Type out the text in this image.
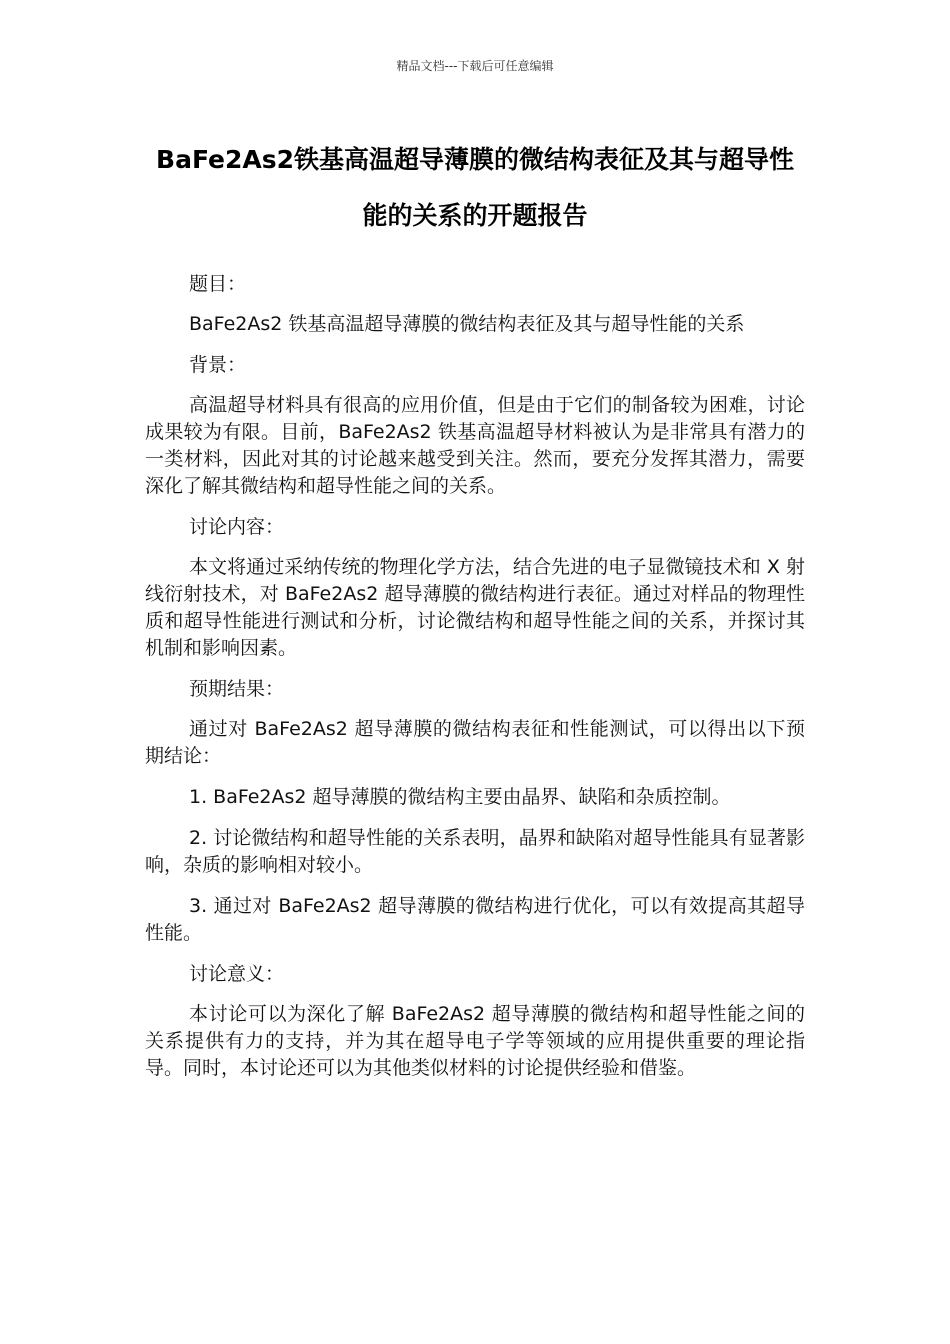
精品文档---下载后可任意编辑
BaFe2As2铁基高温超导薄膜的微结构表征及其与超导性能的关系的开题报告

题目：

BaFe2As2 铁基高温超导薄膜的微结构表征及其与超导性能的关系

背景：

高温超导材料具有很高的应用价值，但是由于它们的制备较为困难，讨论成果较为有限。目前，BaFe2As2 铁基高温超导材料被认为是非常具有潜力的一类材料，因此对其的讨论越来越受到关注。然而，要充分发挥其潜力，需要深化了解其微结构和超导性能之间的关系。

讨论内容：

本文将通过采纳传统的物理化学方法，结合先进的电子显微镜技术和 X 射线衍射技术，对 BaFe2As2 超导薄膜的微结构进行表征。通过对样品的物理性质和超导性能进行测试和分析，讨论微结构和超导性能之间的关系，并探讨其机制和影响因素。

预期结果：

通过对 BaFe2As2 超导薄膜的微结构表征和性能测试，可以得出以下预期结论：

1. BaFe2As2 超导薄膜的微结构主要由晶界、缺陷和杂质控制。

2. 讨论微结构和超导性能的关系表明，晶界和缺陷对超导性能具有显著影响，杂质的影响相对较小。

3. 通过对 BaFe2As2 超导薄膜的微结构进行优化，可以有效提高其超导性能。

讨论意义：

本讨论可以为深化了解 BaFe2As2 超导薄膜的微结构和超导性能之间的关系提供有力的支持，并为其在超导电子学等领域的应用提供重要的理论指导。同时，本讨论还可以为其他类似材料的讨论提供经验和借鉴。
